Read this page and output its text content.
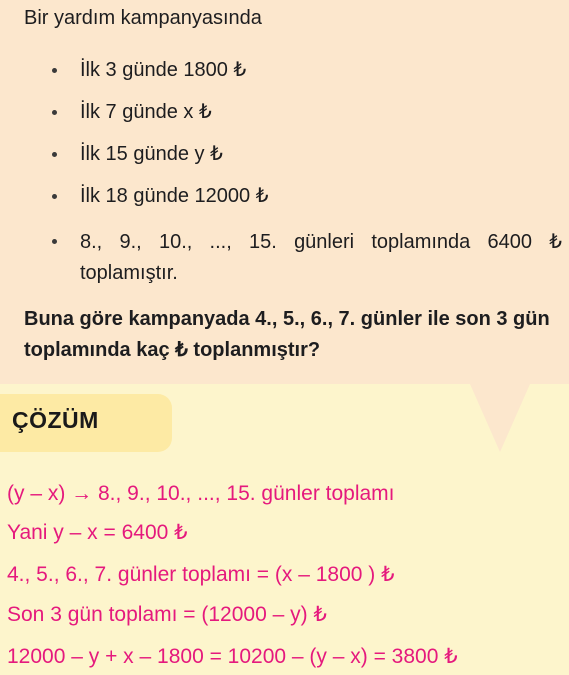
Bir yardım kampanyasında
İlk 3 günde 1800 ₺
İlk 7 günde x ₺
İlk 15 günde y ₺
İlk 18 günde 12000 ₺
8., 9., 10., ..., 15. günleri toplamında 6400 ₺ toplamıştır.
Buna göre kampanyada 4., 5., 6., 7. günler ile son 3 gün toplamında kaç ₺ toplanmıştır?
ÇÖZÜM
(y – x) → 8., 9., 10., ..., 15. günler toplamı
Yani y – x = 6400 ₺
4., 5., 6., 7. günler toplamı = (x – 1800 ) ₺
Son 3 gün toplamı = (12000 – y) ₺
12000 – y + x – 1800 = 10200 – (y – x) = 3800 ₺
